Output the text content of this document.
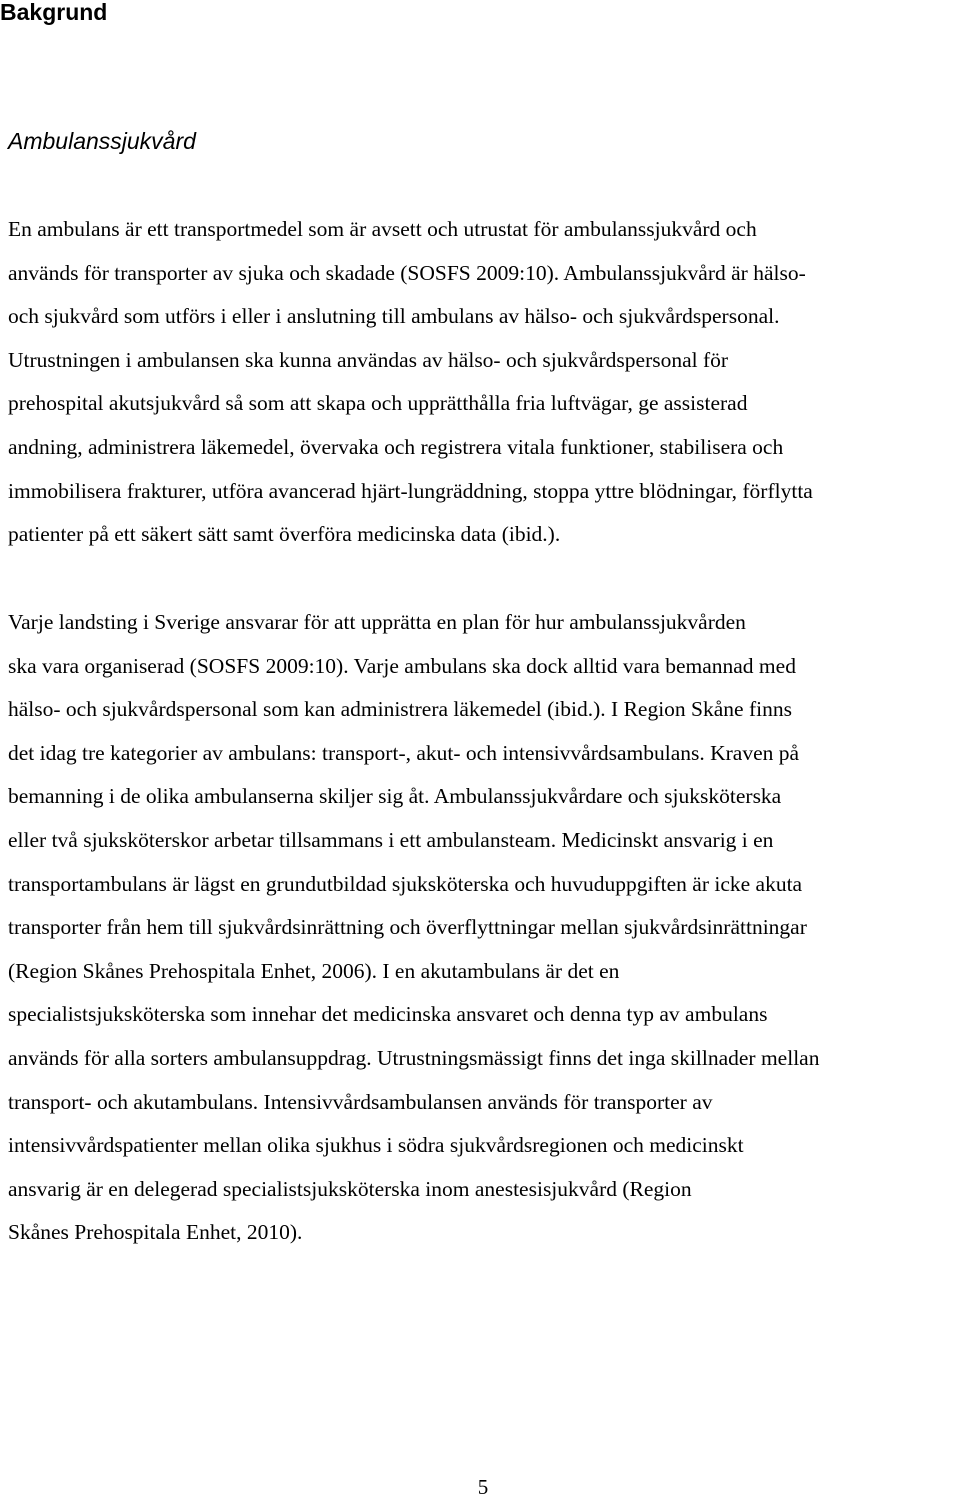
Bakgrund
Ambulanssjukvård
En ambulans är ett transportmedel som är avsett och utrustat för ambulanssjukvård och
används för transporter av sjuka och skadade (SOSFS 2009:10). Ambulanssjukvård är hälso-
och sjukvård som utförs i eller i anslutning till ambulans av hälso- och sjukvårdspersonal.
Utrustningen i ambulansen ska kunna användas av hälso- och sjukvårdspersonal för
prehospital akutsjukvård så som att skapa och upprätthålla fria luftvägar, ge assisterad
andning, administrera läkemedel, övervaka och registrera vitala funktioner, stabilisera och
immobilisera frakturer, utföra avancerad hjärt-lungräddning, stoppa yttre blödningar, förflytta
patienter på ett säkert sätt samt överföra medicinska data (ibid.).
Varje landsting i Sverige ansvarar för att upprätta en plan för hur ambulanssjukvården
ska vara organiserad (SOSFS 2009:10). Varje ambulans ska dock alltid vara bemannad med
hälso- och sjukvårdspersonal som kan administrera läkemedel (ibid.). I Region Skåne finns
det idag tre kategorier av ambulans: transport-, akut- och intensivvårdsambulans. Kraven på
bemanning i de olika ambulanserna skiljer sig åt. Ambulanssjukvårdare och sjuksköterska
eller två sjuksköterskor arbetar tillsammans i ett ambulansteam. Medicinskt ansvarig i en
transportambulans är lägst en grundutbildad sjuksköterska och huvuduppgiften är icke akuta
transporter från hem till sjukvårdsinrättning och överflyttningar mellan sjukvårdsinrättningar
(Region Skånes Prehospitala Enhet, 2006). I en akutambulans är det en
specialistsjuksköterska som innehar det medicinska ansvaret och denna typ av ambulans
används för alla sorters ambulansuppdrag. Utrustningsmässigt finns det inga skillnader mellan
transport- och akutambulans. Intensivvårdsambulansen används för transporter av
intensivvårdspatienter mellan olika sjukhus i södra sjukvårdsregionen och medicinskt
ansvarig är en delegerad specialistsjuksköterska inom anestesisjukvård (Region
Skånes Prehospitala Enhet, 2010).
5
